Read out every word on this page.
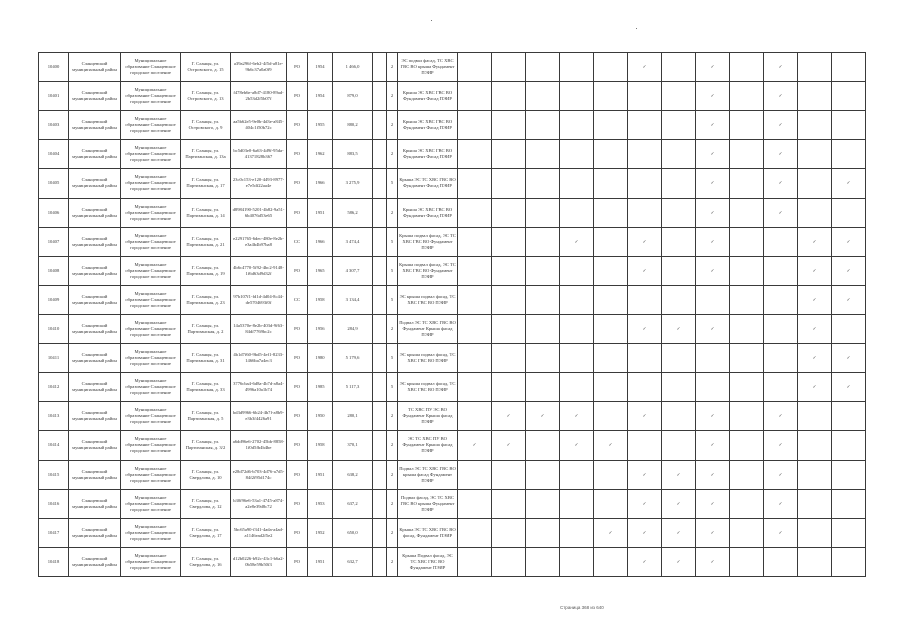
10400	Сланцевский муниципальный район	Муниципальное образование Сланцевское городское поселение	Г. Сланцы, ул. Островского, д. 15	a39a296f-6eb2-4f5d-a81e-9b6c37a0a0f9	PO	1954	1 466,0		2	ЭС подвал фасад, ТС ХВС ГВС ВО крыша Фундамент ПЭИР						✓		✓		✓		
10401	Сланцевский муниципальный район	Муниципальное образование Сланцевское городское поселение	Г. Сланцы, ул. Островского, д. 13	f478eb6e-a8d7-4180-89ad-2b53d2f5b07f	PO	1954	879,0		2	Крыша ЭС ХВС ГВС ВО Фундамент Фасад ПЭИР								✓		✓		
10403	Сланцевский муниципальный район	Муниципальное образование Сланцевское городское поселение	Г. Сланцы, ул. Островского, д. 9	aa5b62e5-9e0b-4d3e-a845-404c1f50b72c	PO	1955	880,2		2	Крыша ЭС ХВС ГВС ВО Фундамент Фасад ПЭИР								✓		✓		
10404	Сланцевский муниципальный район	Муниципальное образование Сланцевское городское поселение	Г. Сланцы, ул. Партизанская, д. 13а	bc5d03e0-6a63-4d9f-95da-41371828b367	PO	1962	883,5		2	Крыша ЭС ХВС ГВС ВО Фундамент Фасад ПЭИР								✓		✓		
10405	Сланцевский муниципальный район	Муниципальное образование Сланцевское городское поселение	Г. Сланцы, ул. Партизанская, д. 17	23c0c153-e120-4493-8977-e7e5df22aa4e	PO	1966	3 275,9		5	Крыша ЭС ТС ХВС ГВС ВО Фундамент Фасад ПЭИР								✓		✓		✓
10406	Сланцевский муниципальный район	Муниципальное образование Сланцевское городское поселение	Г. Сланцы, ул. Партизанская, д. 14	d8984190-5201-4b82-9a51-6b4076d53e65	PO	1951	586,2		2	Крыша ЭС ХВС ГВС ВО Фундамент Фасад ПЭИР								✓		✓		
10407	Сланцевский муниципальный район	Муниципальное образование Сланцевское городское поселение	Г. Сланцы, ул. Партизанская, д. 21	e2291765-6dec-480e-8e2b-e3a4b4b97ba8	CC	1966	3 474,4		5	Крыша подвал фасад, ЭС ТС ХВС ГВС ВО Фундамент ПЭИР				✓		✓		✓			✓	✓
10408	Сланцевский муниципальный район	Муниципальное образование Сланцевское городское поселение	Г. Сланцы, ул. Партизанская, д. 19	4b6c4770-5f92-4bc2-9148-1f6d63d9d32f	PO	1965	4 307,7		5	Крыша подвал фасад, ЭС ТС ХВС ГВС ВО Фундамент ПЭИР						✓		✓			✓	✓
10409	Сланцевский муниципальный район	Муниципальное образование Сланцевское городское поселение	Г. Сланцы, ул. Партизанская, д. 23	97b107f1-fd1d-4d04-8c44-de5704693f0f	CC	1958	3 134,4		5	ЭС крыша подвал фасад, ТС ХВС ГВС ВО ПЭИР											✓	✓
10410	Сланцевский муниципальный район	Муниципальное образование Сланцевское городское поселение	Г. Сланцы, ул. Партизанская, д. 2	14a5370e-8e2b-403d-9f63-84df7769bc2c	PO	1956	284,9		2	Подвал ЭС ТС ХВС ГВС ВО Фундамент Крыша фасад ПЭИР						✓	✓	✓			✓	
10411	Сланцевский муниципальный район	Муниципальное образование Сланцевское городское поселение	Г. Сланцы, ул. Партизанская, д. 31	4b1d7f60-9bd5-4ef1-8233-1466ba7a4ec3	PO	1980	5 179,6		5	ЭС крыша подвал фасад, ТС ХВС ГВС ВО ПЭИР											✓	✓
10412	Сланцевский муниципальный район	Муниципальное образование Сланцевское городское поселение	Г. Сланцы, ул. Партизанская, д. 33	3776cba4-6d8a-4b7d-a8a4-4996a10a1b74	PO	1985	5 117,3		5	ЭС крыша подвал фасад, ТС ХВС ГВС ВО ПЭИР											✓	✓
10413	Сланцевский муниципальный район	Муниципальное образование Сланцевское городское поселение	Г. Сланцы, ул. Партизанская, д. 5	bd3d9966-6b24-4b7f-a8b9-e3b3f4426a91	PO	1950	280,1		2	ТС ХВС ПУ ЭС ВО Фундамент Крыша фасад ПЭИР		✓	✓	✓		✓		✓		✓		
10414	Сланцевский муниципальный район	Муниципальное образование Сланцевское городское поселение	Г. Сланцы, ул. Партизанская, д. 3/2	a6dd96e6-2702-45bb-8858-1f0d5fb4b4be	PO	1958	370,1		2	ЭС ТС ХВС ПУ ВО Фундамент Крыша фасад ПЭИР	✓	✓		✓	✓			✓		✓		
10415	Сланцевский муниципальный район	Муниципальное образование Сланцевское городское поселение	Г. Сланцы, ул. Свердлова, д. 10	e28d72d6-b703-4d76-a7d5-84f2f95d174c	PO	1951	638,2		2	Подвал ЭС ТС ХВС ГВС ВО крыша фасад Фундамент ПЭИР						✓	✓	✓		✓		
10416	Сланцевский муниципальный район	Муниципальное образование Сланцевское городское поселение	Г. Сланцы, ул. Свердлова, д. 12	b30f96e6-53a1-4745-a874-a2e8e39d8c72	PO	1953	637,2		2	Подвал фасад, ЭС ТС ХВС ГВС ВО крыша Фундамент ПЭИР						✓	✓	✓		✓		
10417	Сланцевский муниципальный район	Муниципальное образование Сланцевское городское поселение	Г. Сланцы, ул. Свердлова, д. 17	5bc65a90-f341-4ada-a4ad-a1146ead2f5e2	PO	1952	650,0		2	Крыша ЭС ТС ХВС ГВС ВО фасад, Фундамент ПЭИР					✓	✓	✓	✓		✓		
10418	Сланцевский муниципальный район	Муниципальное образование Сланцевское городское поселение	Г. Сланцы, ул. Свердлова, д. 16	d12b0226-b92c-43c1-b6a2-0b58e59b50f3	PO	1951	632,7		2	Крыша Подвал фасад, ЭС ТС ХВС ГВС ВО Фундамент ПЭИР						✓	✓	✓				
Страница 368 из 640
